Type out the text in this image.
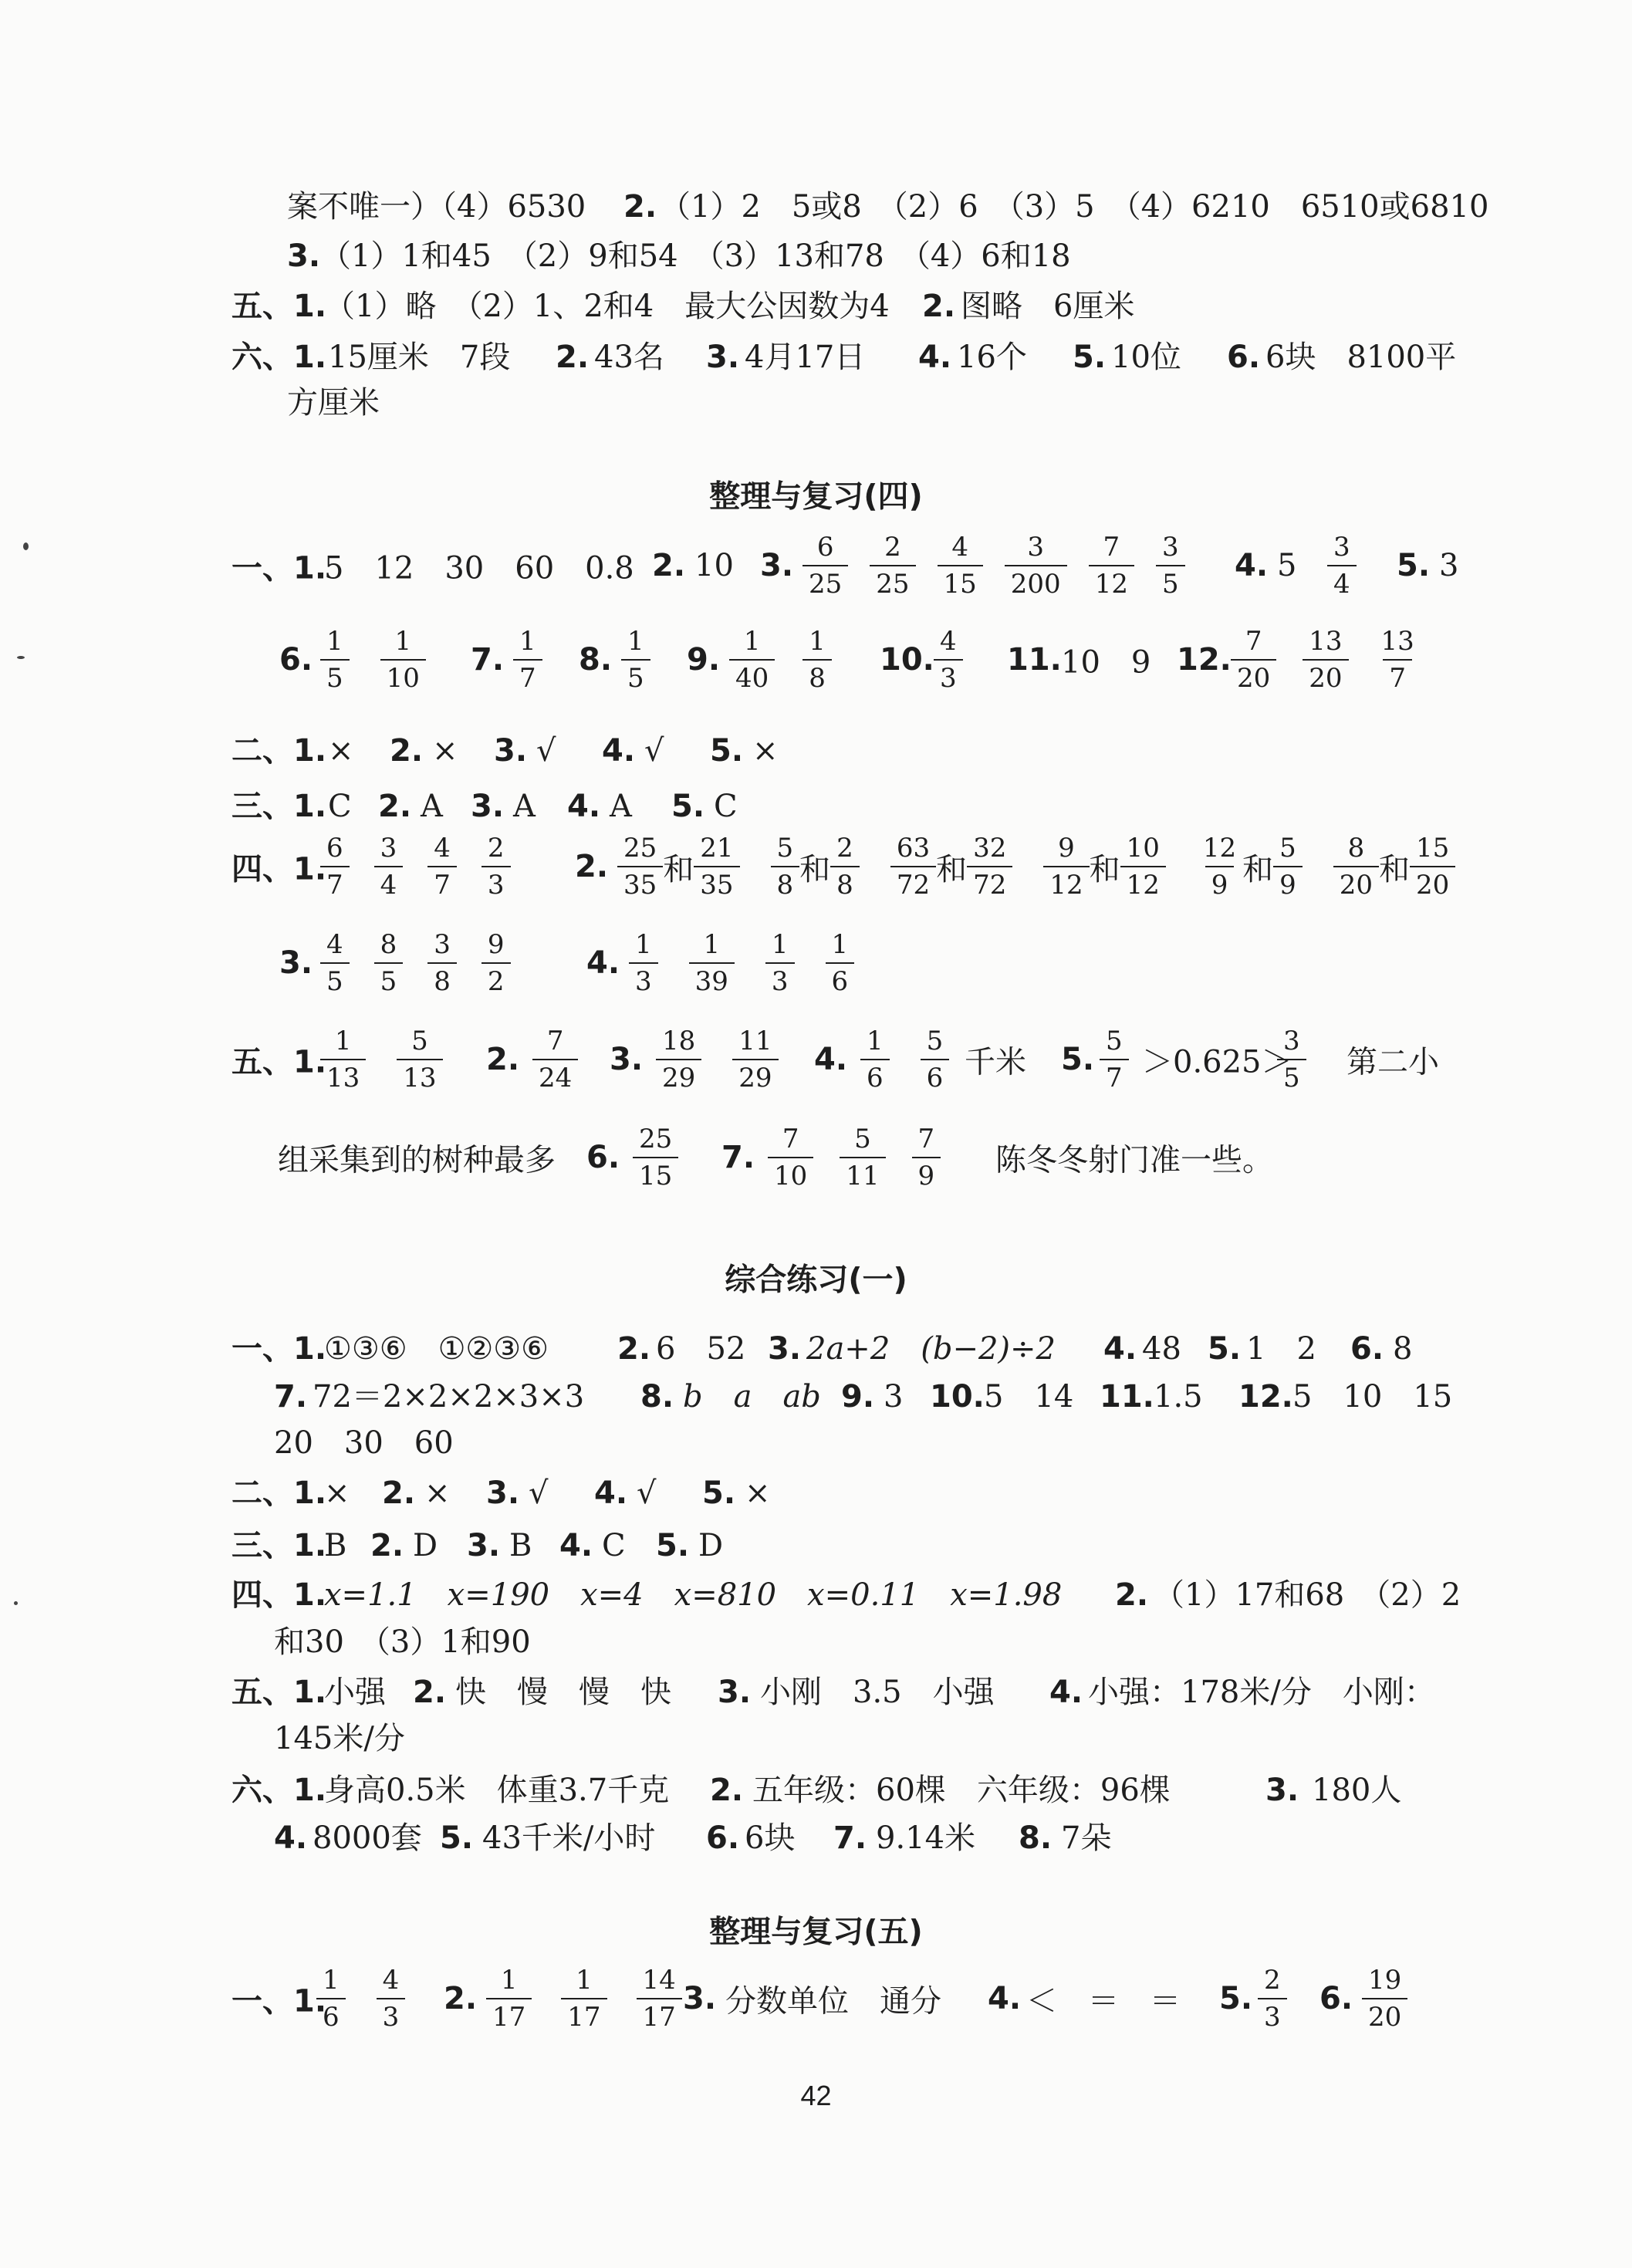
案不唯一）（4）6530 2. （1）2　5或8　（2）6　（3）5　（4）6210　6510或6810
3. （1）1和45　（2）9和54　（3）13和78　（4）6和18
五、1.
（1）略　（2）1、2和4　最大公因数为4 2. 图略　6厘米
六、1. 15厘米　7段 2. 43名 3. 4月17日 4. 16个 5. 10位 6. 6块　8100平
方厘米
整理与复习(四)
一、1.
5　12　30　60　0.8 2. 10 3. $\frac{6}{25} \frac{2}{25} \frac{4}{15} \frac{3}{200} \frac{7}{12} \frac{3}{5} 4$. $5 \frac{3}{4} 5$. 3
6. $\frac{1}{5} \frac{1}{10} 7$. $\frac{1}{7} 8$. $\frac{1}{5} 9$. $\frac{1}{40} \frac{1}{8} 10$. $\frac{4}{3} 11$. 10　9 12. $\frac{7}{20} \frac{13}{20} \frac{13}{7}$
二、1. × 2. × 3. √ 4. √ 5. ×
三、1. C 2. A 3. A 4. A 5. C
四、1.
$\frac{6}{7} \frac{3}{4} \frac{4}{7} \frac{2}{3} 2$. $\frac{25}{35}$ 和 $\frac{21}{35} \frac{5}{8}$ 和 $\frac{2}{8} \frac{63}{72}$ 和 $\frac{32}{72} \frac{9}{12}$ 和 $\frac{10}{12} \frac{12}{9}$ 和 $\frac{5}{9} \frac{8}{20}$ 和 $\frac{15}{20}$
3. $\frac{4}{5} \frac{8}{5} \frac{3}{8} \frac{9}{2} 4$. $\frac{1}{3} \frac{1}{39} \frac{1}{3} \frac{1}{6}$
五、1.
$\frac{1}{13} \frac{5}{13} 2$. $\frac{7}{24} 3$. $\frac{18}{29} \frac{11}{29} 4$. $\frac{1}{6} \frac{5}{6}$ 千米 5. $\frac{5}{7} >0.625>$
$\frac{3}{5}$ 第二小
组采集到的树种最多 6. $\frac{25}{15} 7$. $\frac{7}{10} \frac{5}{11} \frac{7}{9}$ 陈冬冬射门准一些。
综合练习(一)
一、1.
①③⑥　①②③⑥ 2. 6　52 3. 2a+2　(b−2)÷2 4. 48 5. 1　2 6. 8
7. 72＝2×2×2×3×3 8. b　a　ab 9. 3 10. 5　14 11. 1.5 12. 5　10　15
20　30　60
二、1.
× 2. × 3. √ 4. √ 5. ×
三、1.
B 2. D 3. B 4. C 5. D
四、1.
x=1.1　x=190　x=4　x=810　x=0.11　x=1.98 2. （1）17和68　（2）2
和30　（3）1和90
五、1.
小强 2. 快　慢　慢　快 3. 小刚　3.5　小强 4. 小强：178米/分　小刚：
145米/分
六、1.
身高0.5米　体重3.7千克 2. 五年级：60棵　六年级：96棵	3. 180人
4. 8000套 5. 43千米/小时 6. 6块 7. 9.14米 8. 7朵
整理与复习(五)
一、1.
$\frac{1}{6} \frac{4}{3} 2$. $\frac{1}{17} \frac{1}{17} \frac{14}{17} 3$. 分数单位　通分 4. ＜　＝　＝ 5. $\frac{2}{3} 6$. $\frac{19}{20}$
42
